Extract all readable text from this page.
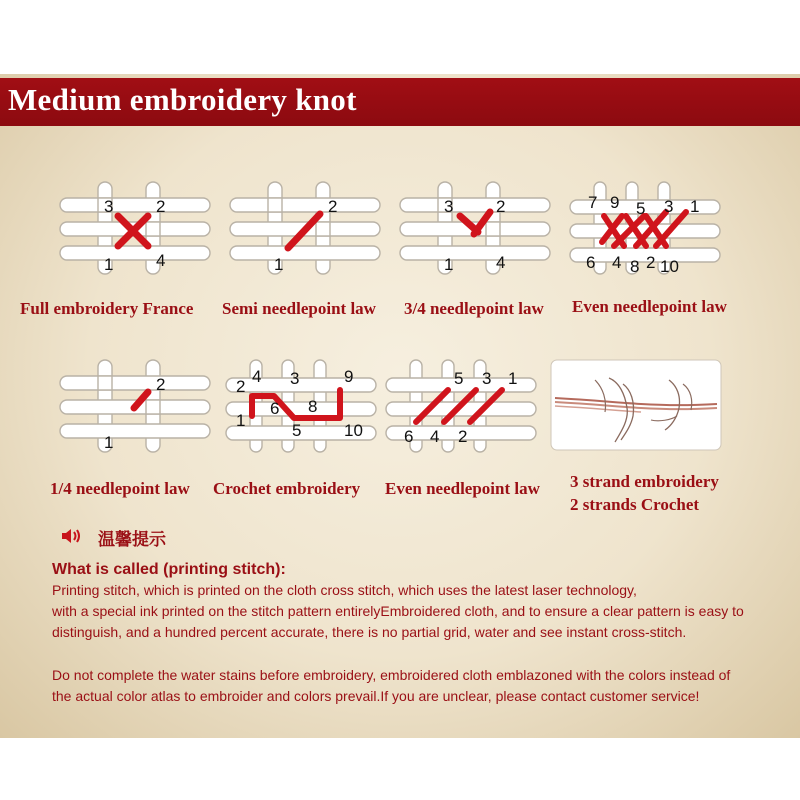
Medium embroidery knot
3	2
1	4
2
1
3	2
1	4
7 9 5 3 1
6 4 8 2 10
Full embroidery France Semi needlepoint law 3/4 needlepoint law Even needlepoint law
2
1
2
4 3	9
6 8
1
5	10
5 3 1
6 4 2
1/4 needlepoint law Crochet embroidery Even needlepoint law 3 strand embroidery
2 strands Crochet
温馨提示
What is called (printing stitch):
Printing stitch, which is printed on the cloth cross stitch, which uses the latest laser technology,
with a special ink printed on the stitch pattern entirelyEmbroidered cloth, and to ensure a clear pattern is easy to
distinguish, and a hundred percent accurate, there is no partial grid, water and see instant cross-stitch.
Do not complete the water stains before embroidery, embroidered cloth emblazoned with the colors instead of
the actual color atlas to embroider and colors prevail.If you are unclear, please contact customer service!
